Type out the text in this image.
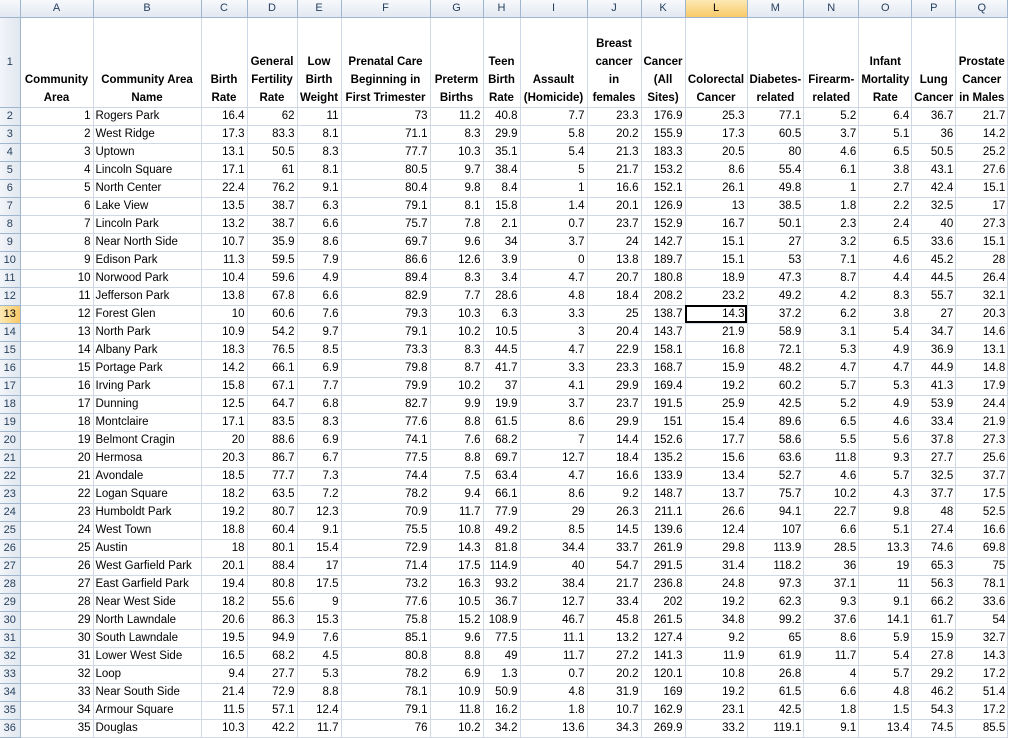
	A	B	C	D	E	F	G	H	I	J	K	L	M	N	O	P	Q
1	Community Area	Community Area Name	Birth Rate	General Fertility Rate	Low Birth Weight	Prenatal Care Beginning in First Trimester	Preterm Births	Teen Birth Rate	Assault (Homicide)	Breast cancer in females	Cancer (All Sites)	Colorectal Cancer	Diabetes-related	Firearm-related	Infant Mortality Rate	Lung Cancer	Prostate Cancer in Males
2	1	Rogers Park	16.4	62	11	73	11.2	40.8	7.7	23.3	176.9	25.3	77.1	5.2	6.4	36.7	21.7
3	2	West Ridge	17.3	83.3	8.1	71.1	8.3	29.9	5.8	20.2	155.9	17.3	60.5	3.7	5.1	36	14.2
4	3	Uptown	13.1	50.5	8.3	77.7	10.3	35.1	5.4	21.3	183.3	20.5	80	4.6	6.5	50.5	25.2
5	4	Lincoln Square	17.1	61	8.1	80.5	9.7	38.4	5	21.7	153.2	8.6	55.4	6.1	3.8	43.1	27.6
6	5	North Center	22.4	76.2	9.1	80.4	9.8	8.4	1	16.6	152.1	26.1	49.8	1	2.7	42.4	15.1
7	6	Lake View	13.5	38.7	6.3	79.1	8.1	15.8	1.4	20.1	126.9	13	38.5	1.8	2.2	32.5	17
8	7	Lincoln Park	13.2	38.7	6.6	75.7	7.8	2.1	0.7	23.7	152.9	16.7	50.1	2.3	2.4	40	27.3
9	8	Near North Side	10.7	35.9	8.6	69.7	9.6	34	3.7	24	142.7	15.1	27	3.2	6.5	33.6	15.1
10	9	Edison Park	11.3	59.5	7.9	86.6	12.6	3.9	0	13.8	189.7	15.1	53	7.1	4.6	45.2	28
11	10	Norwood Park	10.4	59.6	4.9	89.4	8.3	3.4	4.7	20.7	180.8	18.9	47.3	8.7	4.4	44.5	26.4
12	11	Jefferson Park	13.8	67.8	6.6	82.9	7.7	28.6	4.8	18.4	208.2	23.2	49.2	4.2	8.3	55.7	32.1
13	12	Forest Glen	10	60.6	7.6	79.3	10.3	6.3	3.3	25	138.7	14.3	37.2	6.2	3.8	27	20.3
14	13	North Park	10.9	54.2	9.7	79.1	10.2	10.5	3	20.4	143.7	21.9	58.9	3.1	5.4	34.7	14.6
15	14	Albany Park	18.3	76.5	8.5	73.3	8.3	44.5	4.7	22.9	158.1	16.8	72.1	5.3	4.9	36.9	13.1
16	15	Portage Park	14.2	66.1	6.9	79.8	8.7	41.7	3.3	23.3	168.7	15.9	48.2	4.7	4.7	44.9	14.8
17	16	Irving Park	15.8	67.1	7.7	79.9	10.2	37	4.1	29.9	169.4	19.2	60.2	5.7	5.3	41.3	17.9
18	17	Dunning	12.5	64.7	6.8	82.7	9.9	19.9	3.7	23.7	191.5	25.9	42.5	5.2	4.9	53.9	24.4
19	18	Montclaire	17.1	83.5	8.3	77.6	8.8	61.5	8.6	29.9	151	15.4	89.6	6.5	4.6	33.4	21.9
20	19	Belmont Cragin	20	88.6	6.9	74.1	7.6	68.2	7	14.4	152.6	17.7	58.6	5.5	5.6	37.8	27.3
21	20	Hermosa	20.3	86.7	6.7	77.5	8.8	69.7	12.7	18.4	135.2	15.6	63.6	11.8	9.3	27.7	25.6
22	21	Avondale	18.5	77.7	7.3	74.4	7.5	63.4	4.7	16.6	133.9	13.4	52.7	4.6	5.7	32.5	37.7
23	22	Logan Square	18.2	63.5	7.2	78.2	9.4	66.1	8.6	9.2	148.7	13.7	75.7	10.2	4.3	37.7	17.5
24	23	Humboldt Park	19.2	80.7	12.3	70.9	11.7	77.9	29	26.3	211.1	26.6	94.1	22.7	9.8	48	52.5
25	24	West Town	18.8	60.4	9.1	75.5	10.8	49.2	8.5	14.5	139.6	12.4	107	6.6	5.1	27.4	16.6
26	25	Austin	18	80.1	15.4	72.9	14.3	81.8	34.4	33.7	261.9	29.8	113.9	28.5	13.3	74.6	69.8
27	26	West Garfield Park	20.1	88.4	17	71.4	17.5	114.9	40	54.7	291.5	31.4	118.2	36	19	65.3	75
28	27	East Garfield Park	19.4	80.8	17.5	73.2	16.3	93.2	38.4	21.7	236.8	24.8	97.3	37.1	11	56.3	78.1
29	28	Near West Side	18.2	55.6	9	77.6	10.5	36.7	12.7	33.4	202	19.2	62.3	9.3	9.1	66.2	33.6
30	29	North Lawndale	20.6	86.3	15.3	75.8	15.2	108.9	46.7	45.8	261.5	34.8	99.2	37.6	14.1	61.7	54
31	30	South Lawndale	19.5	94.9	7.6	85.1	9.6	77.5	11.1	13.2	127.4	9.2	65	8.6	5.9	15.9	32.7
32	31	Lower West Side	16.5	68.2	4.5	80.8	8.8	49	11.7	27.2	141.3	11.9	61.9	11.7	5.4	27.8	14.3
33	32	Loop	9.4	27.7	5.3	78.2	6.9	1.3	0.7	20.2	120.1	10.8	26.8	4	5.7	29.2	17.2
34	33	Near South Side	21.4	72.9	8.8	78.1	10.9	50.9	4.8	31.9	169	19.2	61.5	6.6	4.8	46.2	51.4
35	34	Armour Square	11.5	57.1	12.4	79.1	11.8	16.2	1.8	10.7	162.9	23.1	42.5	1.8	1.5	54.3	17.2
36	35	Douglas	10.3	42.2	11.7	76	10.2	34.2	13.6	34.3	269.9	33.2	119.1	9.1	13.4	74.5	85.5
